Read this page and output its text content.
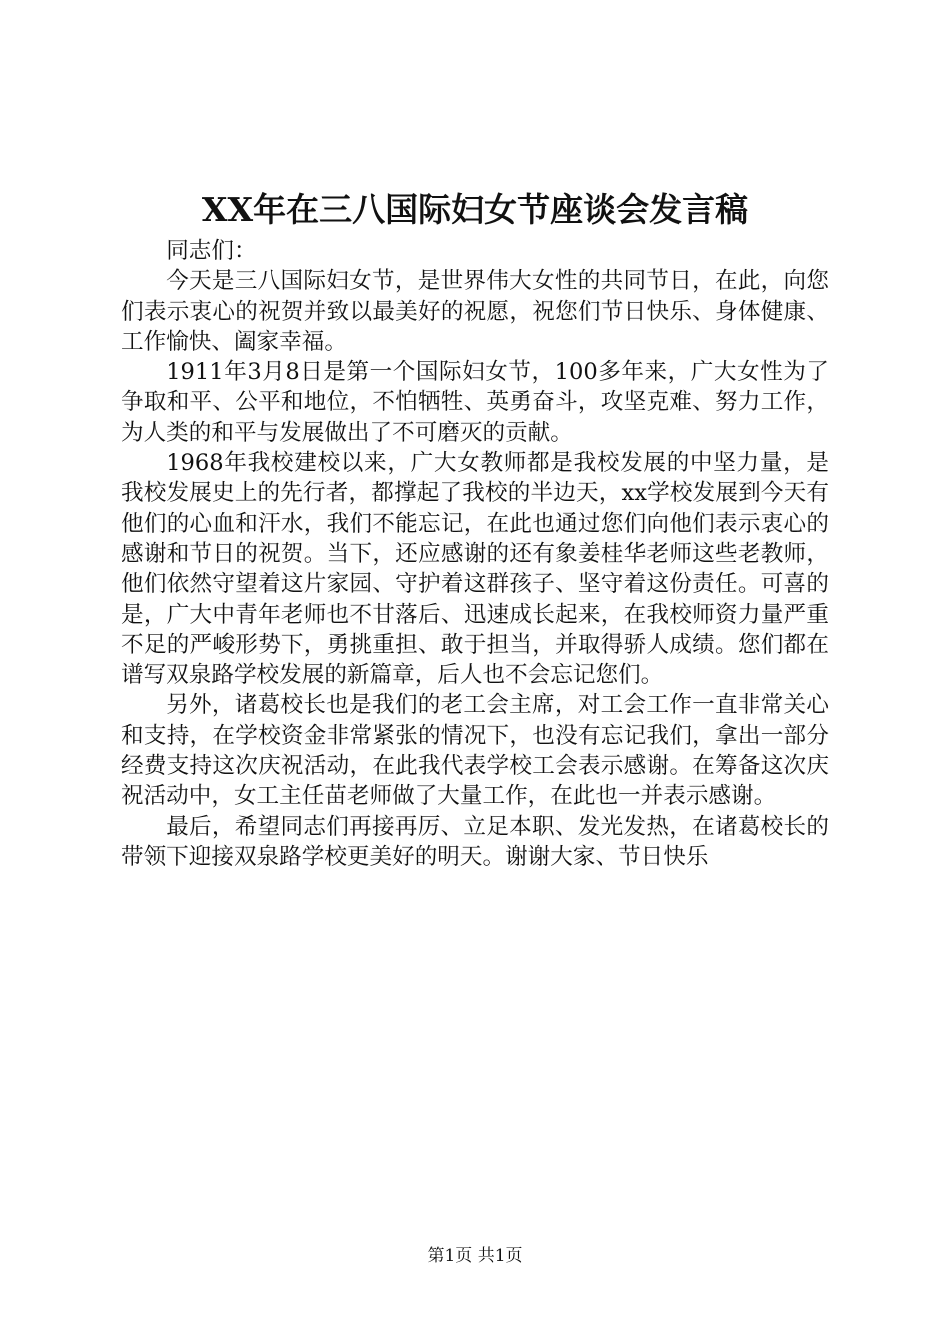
XX年在三八国际妇女节座谈会发言稿

同志们：

今天是三八国际妇女节，是世界伟大女性的共同节日，在此，向您们表示衷心的祝贺并致以最美好的祝愿，祝您们节日快乐、身体健康、工作愉快、阖家幸福。

1911年3月8日是第一个国际妇女节，100多年来，广大女性为了争取和平、公平和地位，不怕牺牲、英勇奋斗，攻坚克难、努力工作，为人类的和平与发展做出了不可磨灭的贡献。

1968年我校建校以来，广大女教师都是我校发展的中坚力量，是我校发展史上的先行者，都撑起了我校的半边天，xx学校发展到今天有他们的心血和汗水，我们不能忘记，在此也通过您们向他们表示衷心的感谢和节日的祝贺。当下，还应感谢的还有象姜桂华老师这些老教师，他们依然守望着这片家园、守护着这群孩子、坚守着这份责任。可喜的是，广大中青年老师也不甘落后、迅速成长起来，在我校师资力量严重不足的严峻形势下，勇挑重担、敢于担当，并取得骄人成绩。您们都在谱写双泉路学校发展的新篇章，后人也不会忘记您们。

另外，诸葛校长也是我们的老工会主席，对工会工作一直非常关心和支持，在学校资金非常紧张的情况下，也没有忘记我们，拿出一部分经费支持这次庆祝活动，在此我代表学校工会表示感谢。在筹备这次庆祝活动中，女工主任苗老师做了大量工作，在此也一并表示感谢。

最后，希望同志们再接再厉、立足本职、发光发热，在诸葛校长的带领下迎接双泉路学校更美好的明天。谢谢大家、节日快乐

第1页 共1页
